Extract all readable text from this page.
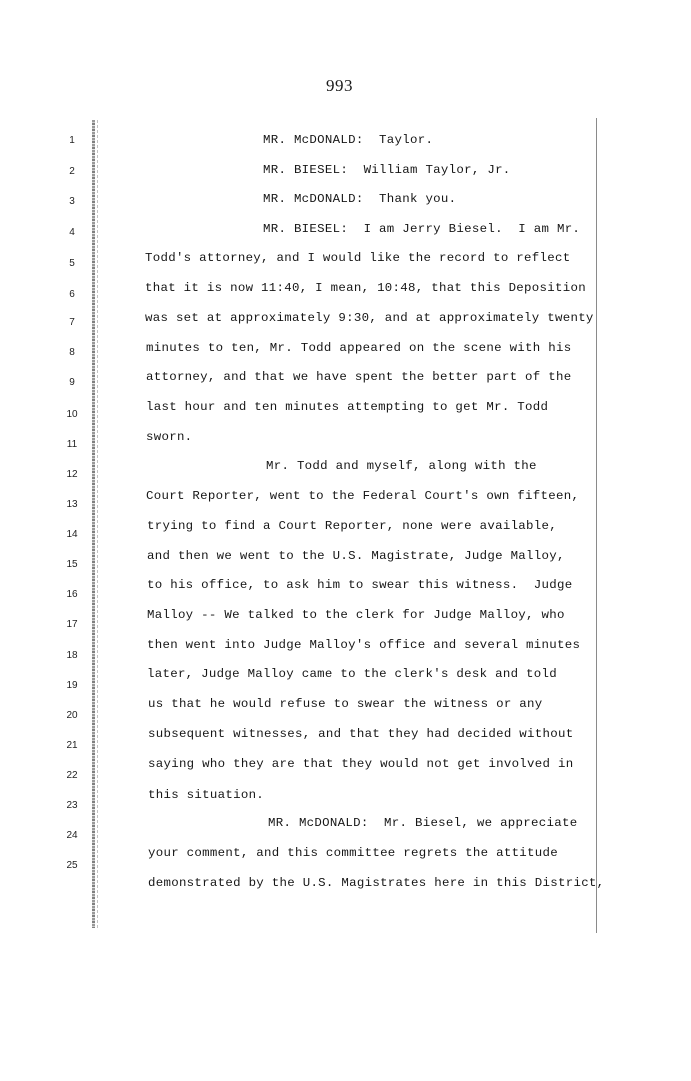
993
1
2
3
4
5
6
7
8
9
10
11
12
13
14
15
16
17
18
19
20
21
22
23
24
25
MR. McDONALD:  Taylor.
MR. BIESEL:  William Taylor, Jr.
MR. McDONALD:  Thank you.
MR. BIESEL:  I am Jerry Biesel.  I am Mr.
Todd's attorney, and I would like the record to reflect
that it is now 11:40, I mean, 10:48, that this Deposition
was set at approximately 9:30, and at approximately twenty
minutes to ten, Mr. Todd appeared on the scene with his
attorney, and that we have spent the better part of the
last hour and ten minutes attempting to get Mr. Todd
sworn.
Mr. Todd and myself, along with the
Court Reporter, went to the Federal Court's own fifteen,
trying to find a Court Reporter, none were available,
and then we went to the U.S. Magistrate, Judge Malloy,
to his office, to ask him to swear this witness.  Judge
Malloy -- We talked to the clerk for Judge Malloy, who
then went into Judge Malloy's office and several minutes
later, Judge Malloy came to the clerk's desk and told
us that he would refuse to swear the witness or any
subsequent witnesses, and that they had decided without
saying who they are that they would not get involved in
this situation.
MR. McDONALD:  Mr. Biesel, we appreciate
your comment, and this committee regrets the attitude
demonstrated by the U.S. Magistrates here in this District,
